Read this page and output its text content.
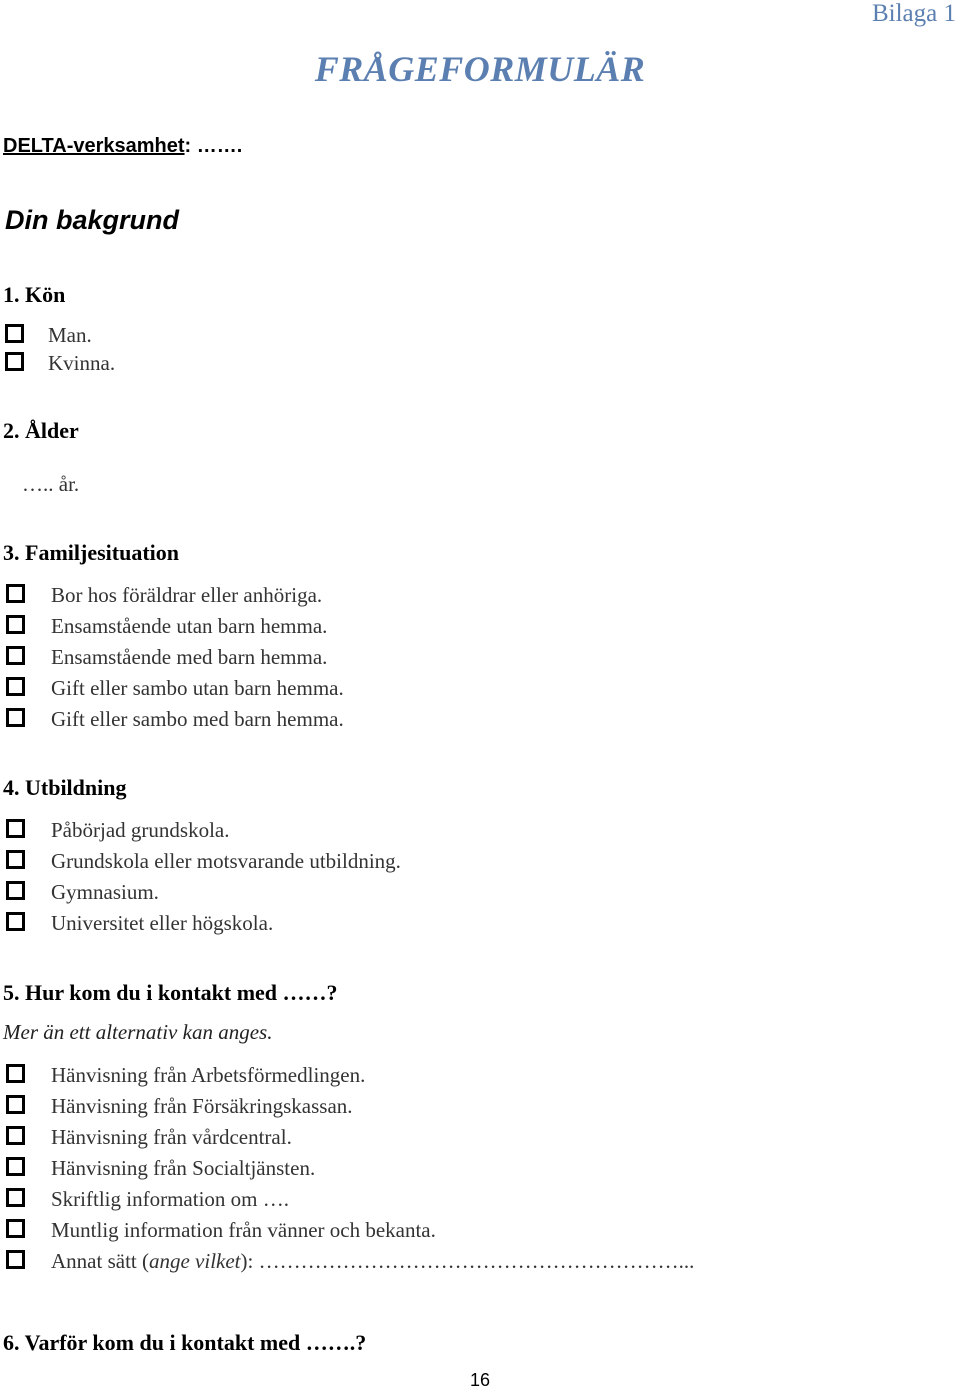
Bilaga 1
FRÅGEFORMULÄR
DELTA-verksamhet: …….
Din bakgrund
1. Kön
Man.
Kvinna.
2. Ålder
….. år.
3. Familjesituation
Bor hos föräldrar eller anhöriga.
Ensamstående utan barn hemma.
Ensamstående med barn hemma.
Gift eller sambo utan barn hemma.
Gift eller sambo med barn hemma.
4. Utbildning
Påbörjad grundskola.
Grundskola eller motsvarande utbildning.
Gymnasium.
Universitet eller högskola.
5. Hur kom du i kontakt med ……?
Mer än ett alternativ kan anges.
Hänvisning från Arbetsförmedlingen.
Hänvisning från Försäkringskassan.
Hänvisning från vårdcentral.
Hänvisning från Socialtjänsten.
Skriftlig information om ….
Muntlig information från vänner och bekanta.
Annat sätt (ange vilket): ……………………………………………………...
6. Varför kom du i kontakt med …….?
16
